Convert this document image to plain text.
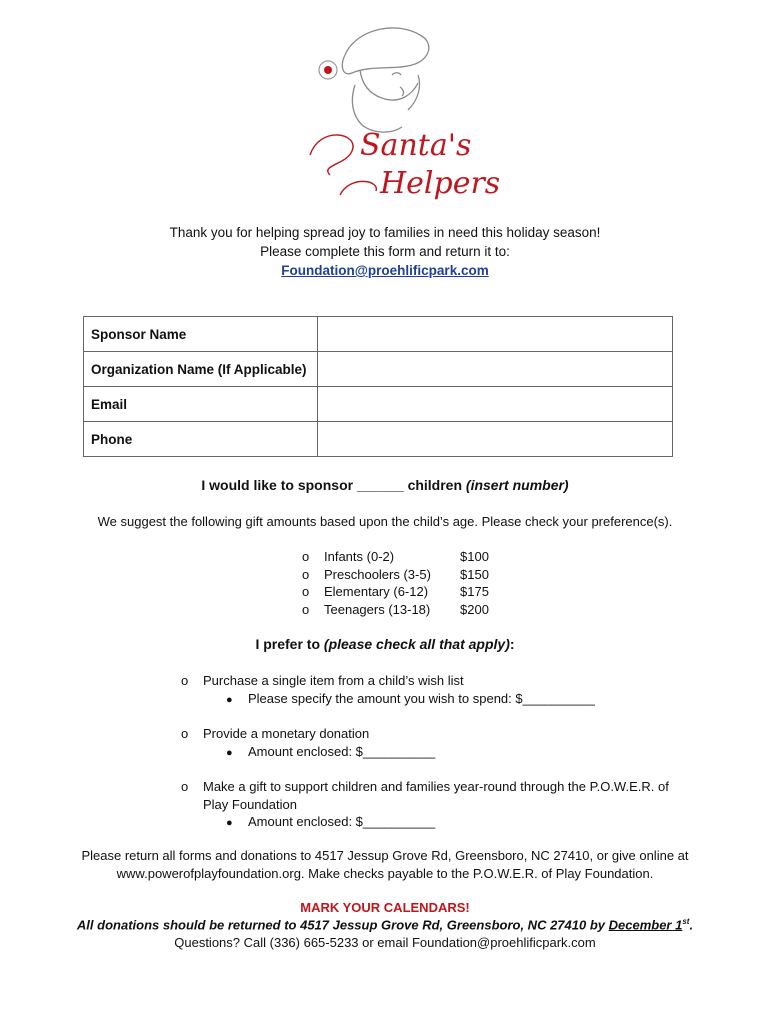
Santa's
Helpers
Thank you for helping spread joy to families in need this holiday season!
Please complete this form and return it to:
Foundation@proehlificpark.com
Sponsor Name	
Organization Name (If Applicable)	
Email	
Phone	
I would like to sponsor ______ children (insert number)
We suggest the following gift amounts based upon the child’s age. Please check your preference(s).
o Infants (0-2)	$100
o Preschoolers (3-5) $150
o Elementary (6-12) $175
o Teenagers (13-18) $200
I prefer to (please check all that apply):
o Purchase a single item from a child’s wish list
● Please specify the amount you wish to spend: $__________
o Provide a monetary donation
● Amount enclosed: $__________
o Make a gift to support children and families year-round through the P.O.W.E.R. of
Play Foundation
● Amount enclosed: $__________
Please return all forms and donations to 4517 Jessup Grove Rd, Greensboro, NC 27410, or give online at
www.powerofplayfoundation.org. Make checks payable to the P.O.W.E.R. of Play Foundation.
MARK YOUR CALENDARS!
All donations should be returned to 4517 Jessup Grove Rd, Greensboro, NC 27410 by December 1st.
Questions? Call (336) 665-5233 or email Foundation@proehlificpark.com
